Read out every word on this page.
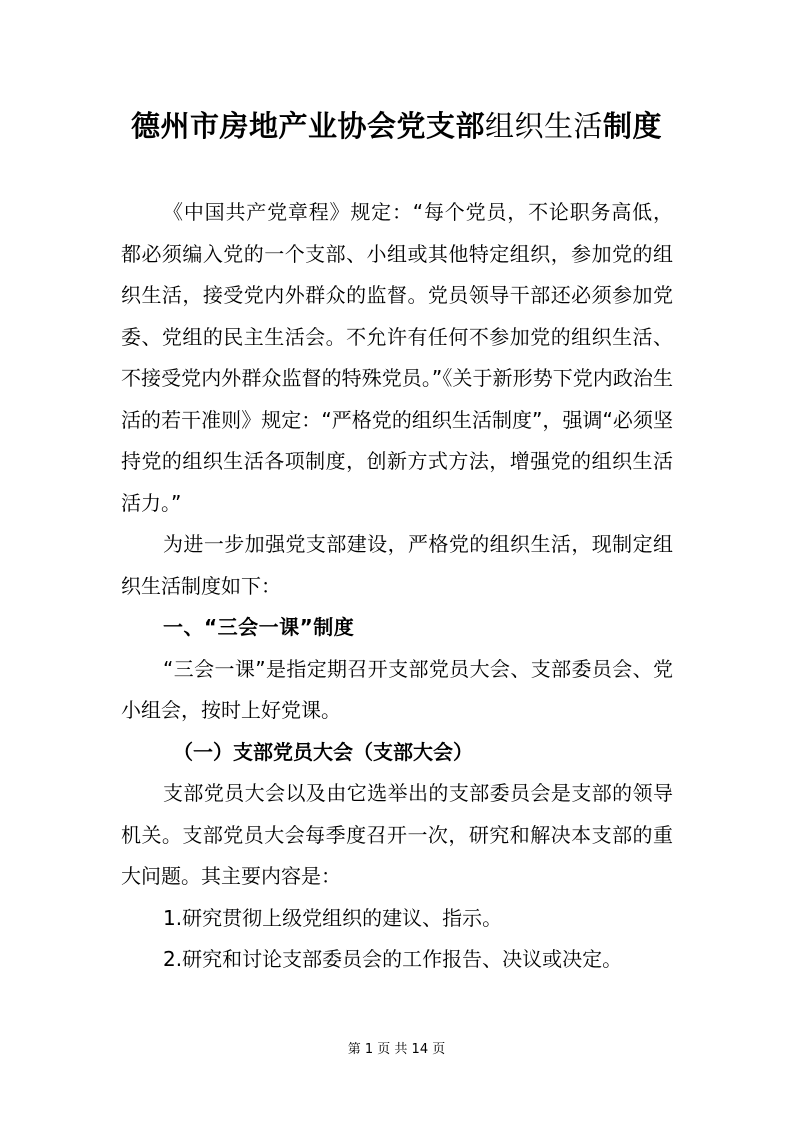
德州市房地产业协会党支部组织生活制度

《中国共产党章程》规定：“每个党员，不论职务高低，都必须编入党的一个支部、小组或其他特定组织，参加党的组织生活，接受党内外群众的监督。党员领导干部还必须参加党委、党组的民主生活会。不允许有任何不参加党的组织生活、不接受党内外群众监督的特殊党员。”《关于新形势下党内政治生活的若干准则》规定：“严格党的组织生活制度”，强调“必须坚持党的组织生活各项制度，创新方式方法，增强党的组织生活活力。”

为进一步加强党支部建设，严格党的组织生活，现制定组织生活制度如下：

一、“三会一课”制度

“三会一课”是指定期召开支部党员大会、支部委员会、党小组会，按时上好党课。

（一）支部党员大会（支部大会）

支部党员大会以及由它选举出的支部委员会是支部的领导机关。支部党员大会每季度召开一次，研究和解决本支部的重大问题。其主要内容是：

1.研究贯彻上级党组织的建议、指示。

2.研究和讨论支部委员会的工作报告、决议或决定。

第 1 页 共 14 页
